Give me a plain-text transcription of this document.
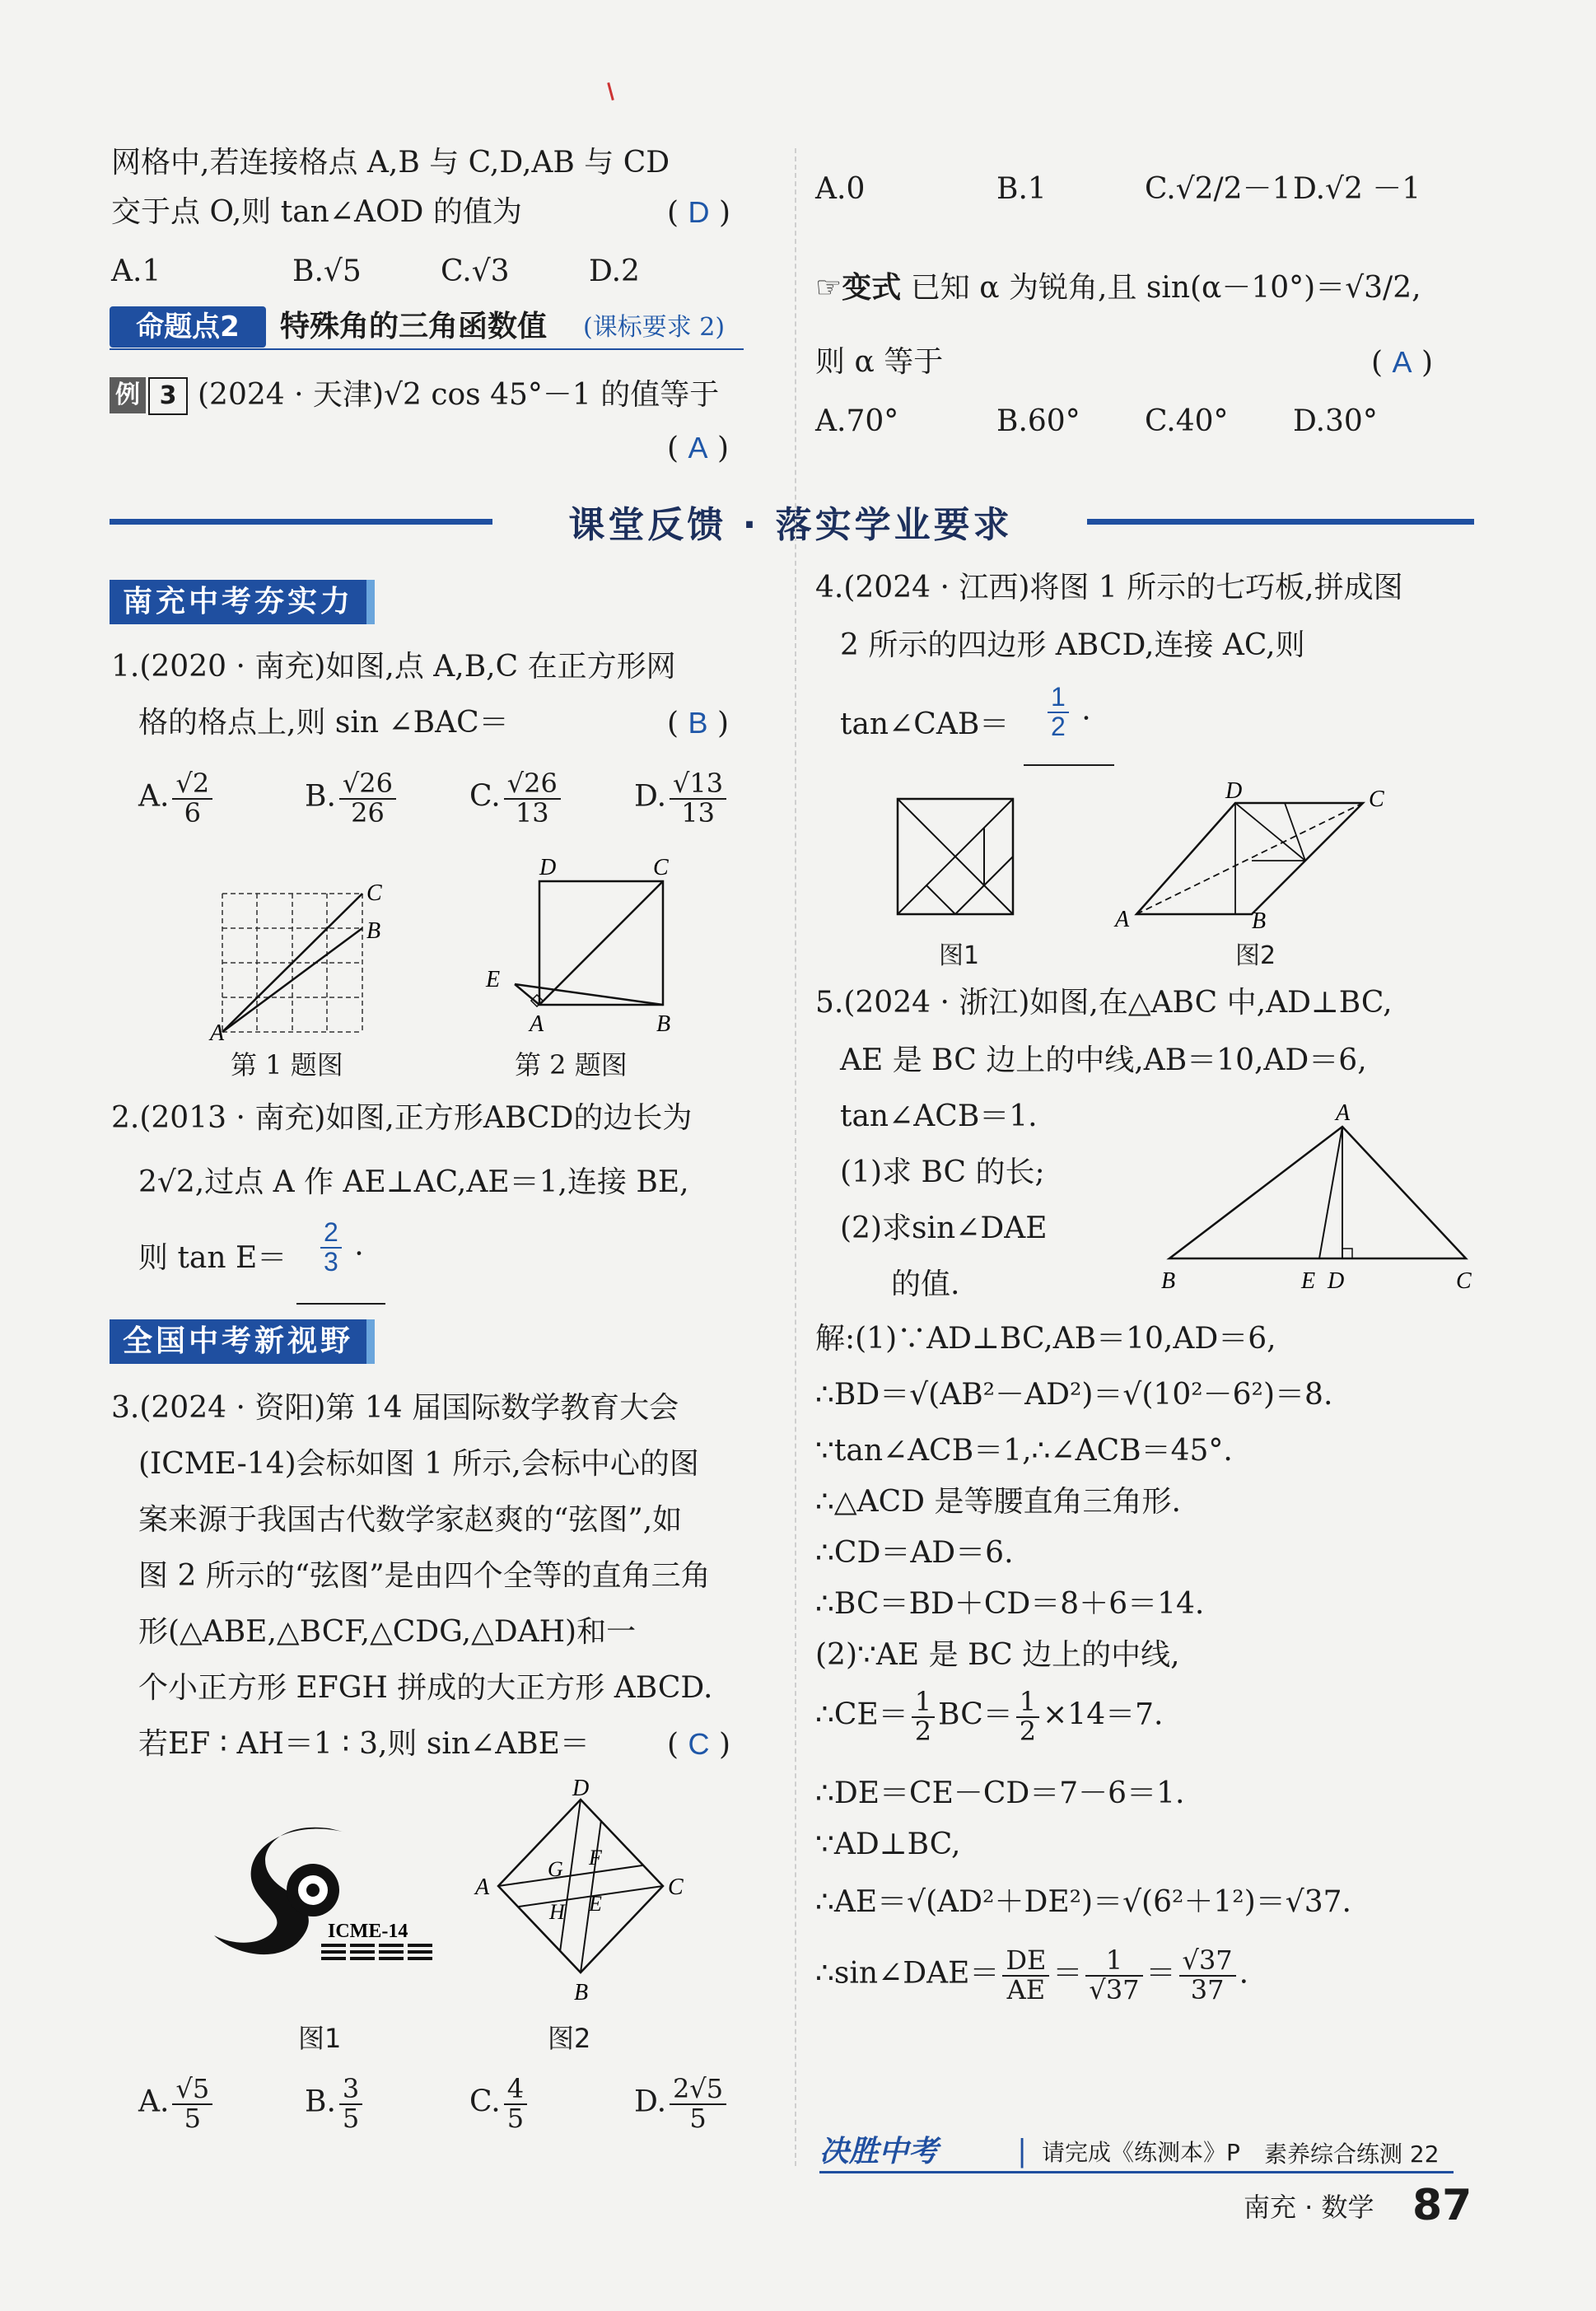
网格中,若连接格点 A,B 与 C,D,AB 与 CD
交于点 O,则 tan∠AOD 的值为	( D )
A.1	B.√5	C.√3	D.2
命题点2	特殊角的三角函数值 (课标要求 2)
例 3 (2024 · 天津)√2 cos 45°－1 的值等于
( A )
A.0	B.1	C.√2/2－1 D.√2 －1
☞变式 已知 α 为锐角,且 sin(α－10°)＝√3/2,
则 α 等于	( A )
A.70°	B.60° C.40° D.30°
课堂反馈 · 落实学业要求
南充中考夯实力
1.(2020 · 南充)如图,点 A,B,C 在正方形网
格的格点上,则 sin ∠BAC＝	( B )
A. $\frac{√2}{6}$	B. $\frac{√26}{26} C$. $\frac{√26}{13} D$. $\frac{√13}{13}$
A
B
C
第 1 题图
D	C
E
A	B
第 2 题图
2.(2013 · 南充)如图,正方形ABCD的边长为
2√2,过点 A 作 AE⊥AC,AE＝1,连接 BE,
则 $\tan E= \frac{2}{3}$ .
全国中考新视野
3.(2024 · 资阳)第 14 届国际数学教育大会
(ICME-14)会标如图 1 所示,会标中心的图
案来源于我国古代数学家赵爽的“弦图”,如
图 2 所示的“弦图”是由四个全等的直角三角
形(△ABE,△BCF,△CDG,△DAH)和一
个小正方形 EFGH 拼成的大正方形 ABCD.
若EF ∶ AH＝1 ∶ 3,则 sin∠ABE＝	( C )
ICME-14
图1
D
A	C
B
G F
H E
图2
A. $\frac{√5}{5}$	B. $\frac{3}{5}$	C. $\frac{4}{5}$	D. $\frac{2√5}{5}$
4.(2024 · 江西)将图 1 所示的七巧板,拼成图
2 所示的四边形 ABCD,连接 AC,则
tan∠CAB＝ $\frac{1}{2}$ .
图1
D	C
A	B
图2
5.(2024 · 浙江)如图,在△ABC 中,AD⊥BC,
AE 是 BC 边上的中线,AB＝10,AD＝6,
tan∠ACB＝1.
(1)求 BC 的长;
(2)求sin∠DAE
的值.
A
B	E D	C
解:(1)∵AD⊥BC,AB＝10,AD＝6,
∴BD＝√(AB²－AD²)＝√(10²－6²)＝8.
∵tan∠ACB＝1,∴∠ACB＝45°.
∴△ACD 是等腰直角三角形.
∴CD＝AD＝6.
∴BC＝BD＋CD＝8＋6＝14.
(2)∵AE 是 BC 边上的中线,
∴CE＝ $\frac{1}{2} BC= \frac{1}{2} \times 14=7$.
∴DE＝CE－CD＝7－6＝1.
∵AD⊥BC,
∴AE＝√(AD²＋DE²)＝√(6²＋1²)＝√37.
∴sin∠DAE＝ $\frac{DE}{AE} = \frac{1}{√37} = \frac{√37}{37}$ .
决胜中考	| 请完成《练测本》P 素养综合练测 22
南充 · 数学 87
